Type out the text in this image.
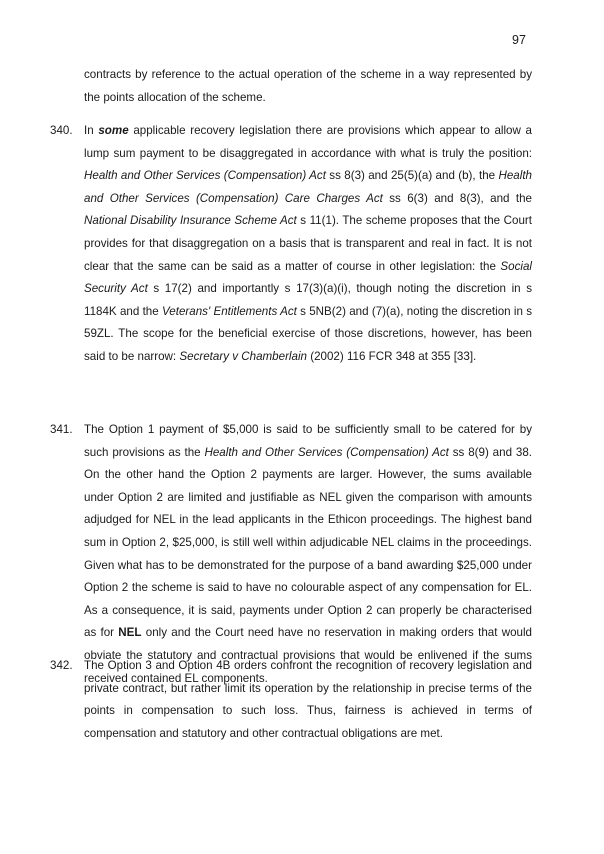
97
contracts by reference to the actual operation of the scheme in a way represented by the points allocation of the scheme.
340. In some applicable recovery legislation there are provisions which appear to allow a lump sum payment to be disaggregated in accordance with what is truly the position: Health and Other Services (Compensation) Act ss 8(3) and 25(5)(a) and (b), the Health and Other Services (Compensation) Care Charges Act ss 6(3) and 8(3), and the National Disability Insurance Scheme Act s 11(1). The scheme proposes that the Court provides for that disaggregation on a basis that is transparent and real in fact. It is not clear that the same can be said as a matter of course in other legislation: the Social Security Act s 17(2) and importantly s 17(3)(a)(i), though noting the discretion in s 1184K and the Veterans' Entitlements Act s 5NB(2) and (7)(a), noting the discretion in s 59ZL. The scope for the beneficial exercise of those discretions, however, has been said to be narrow: Secretary v Chamberlain (2002) 116 FCR 348 at 355 [33].
341. The Option 1 payment of $5,000 is said to be sufficiently small to be catered for by such provisions as the Health and Other Services (Compensation) Act ss 8(9) and 38. On the other hand the Option 2 payments are larger. However, the sums available under Option 2 are limited and justifiable as NEL given the comparison with amounts adjudged for NEL in the lead applicants in the Ethicon proceedings. The highest band sum in Option 2, $25,000, is still well within adjudicable NEL claims in the proceedings. Given what has to be demonstrated for the purpose of a band awarding $25,000 under Option 2 the scheme is said to have no colourable aspect of any compensation for EL. As a consequence, it is said, payments under Option 2 can properly be characterised as for NEL only and the Court need have no reservation in making orders that would obviate the statutory and contractual provisions that would be enlivened if the sums received contained EL components.
342. The Option 3 and Option 4B orders confront the recognition of recovery legislation and private contract, but rather limit its operation by the relationship in precise terms of the points in compensation to such loss. Thus, fairness is achieved in terms of compensation and statutory and other contractual obligations are met.
